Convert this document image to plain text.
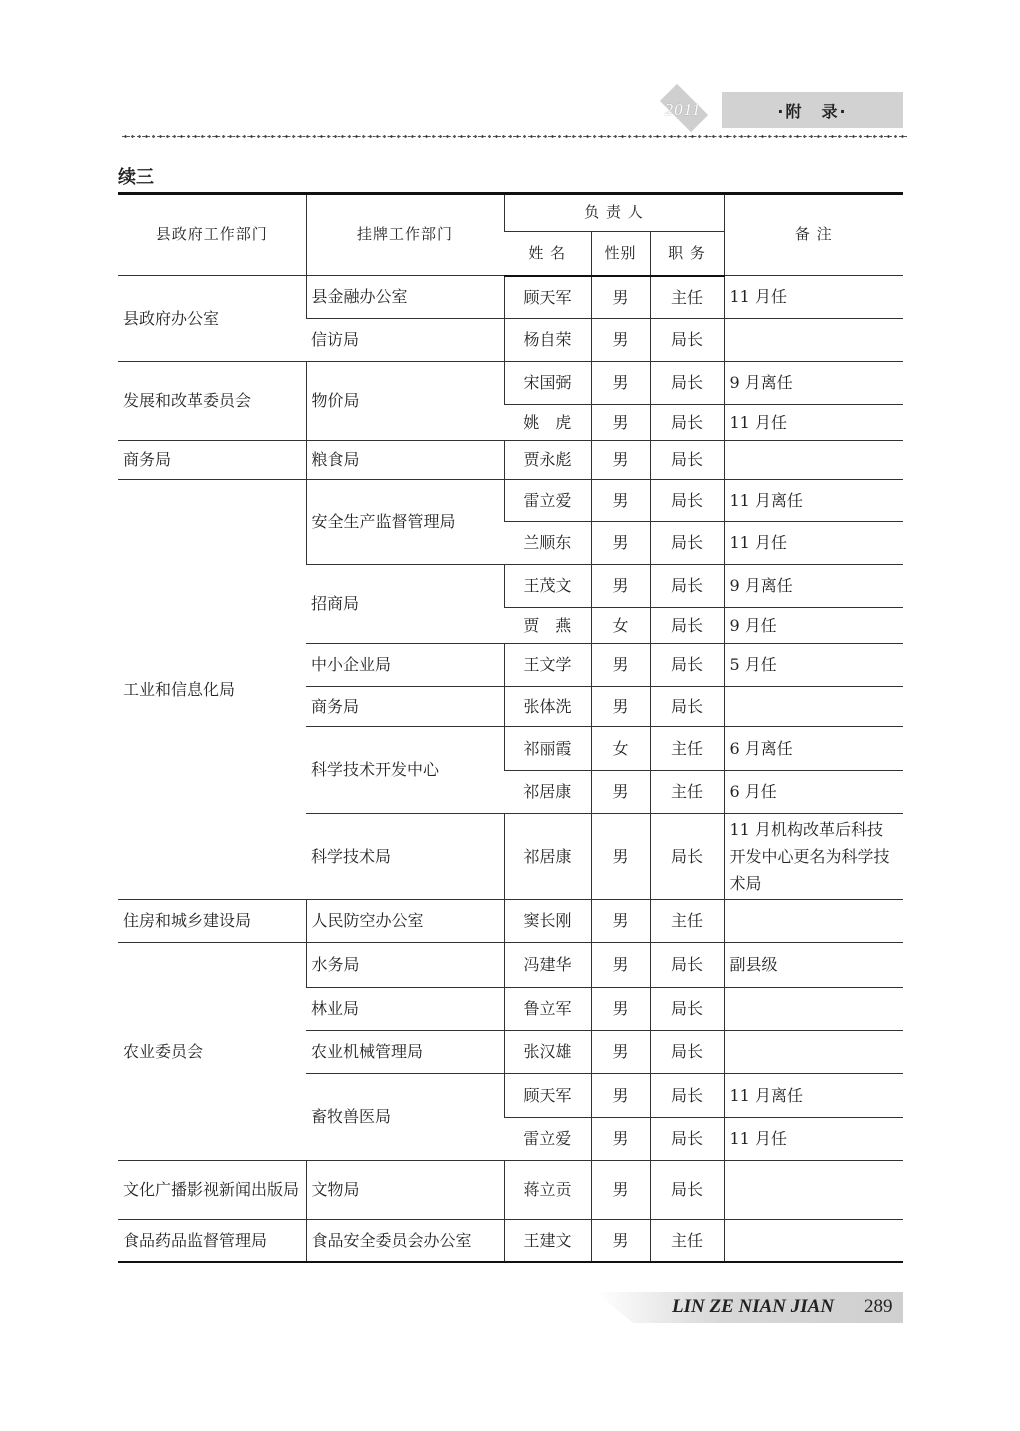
2011	·附　录·
续三
县政府工作部门	挂牌工作部门	负 责 人			备 注
		姓 名	性别	职 务	
县政府办公室	县金融办公室	顾天军	男	主任	11 月任
	信访局	杨自荣	男	局长	
发展和改革委员会	物价局	宋国弼	男	局长	9 月离任
		姚　虎	男	局长	11 月任
商务局	粮食局	贾永彪	男	局长	
工业和信息化局	安全生产监督管理局	雷立爱	男	局长	11 月离任
		兰顺东	男	局长	11 月任
	招商局	王茂文	男	局长	9 月离任
		贾　燕	女	局长	9 月任
	中小企业局	王文学	男	局长	5 月任
	商务局	张体洗	男	局长	
	科学技术开发中心	祁丽霞	女	主任	6 月离任
		祁居康	男	主任	6 月任
	科学技术局	祁居康	男	局长	11 月机构改革后科技开发中心更名为科学技术局
住房和城乡建设局	人民防空办公室	窦长刚	男	主任	
农业委员会	水务局	冯建华	男	局长	副县级
	林业局	鲁立军	男	局长	
	农业机械管理局	张汉雄	男	局长	
	畜牧兽医局	顾天军	男	局长	11 月离任
		雷立爱	男	局长	11 月任
文化广播影视新闻出版局	文物局	蒋立贡	男	局长	
食品药品监督管理局	食品安全委员会办公室	王建文	男	主任	
LIN ZE NIAN JIAN 289
